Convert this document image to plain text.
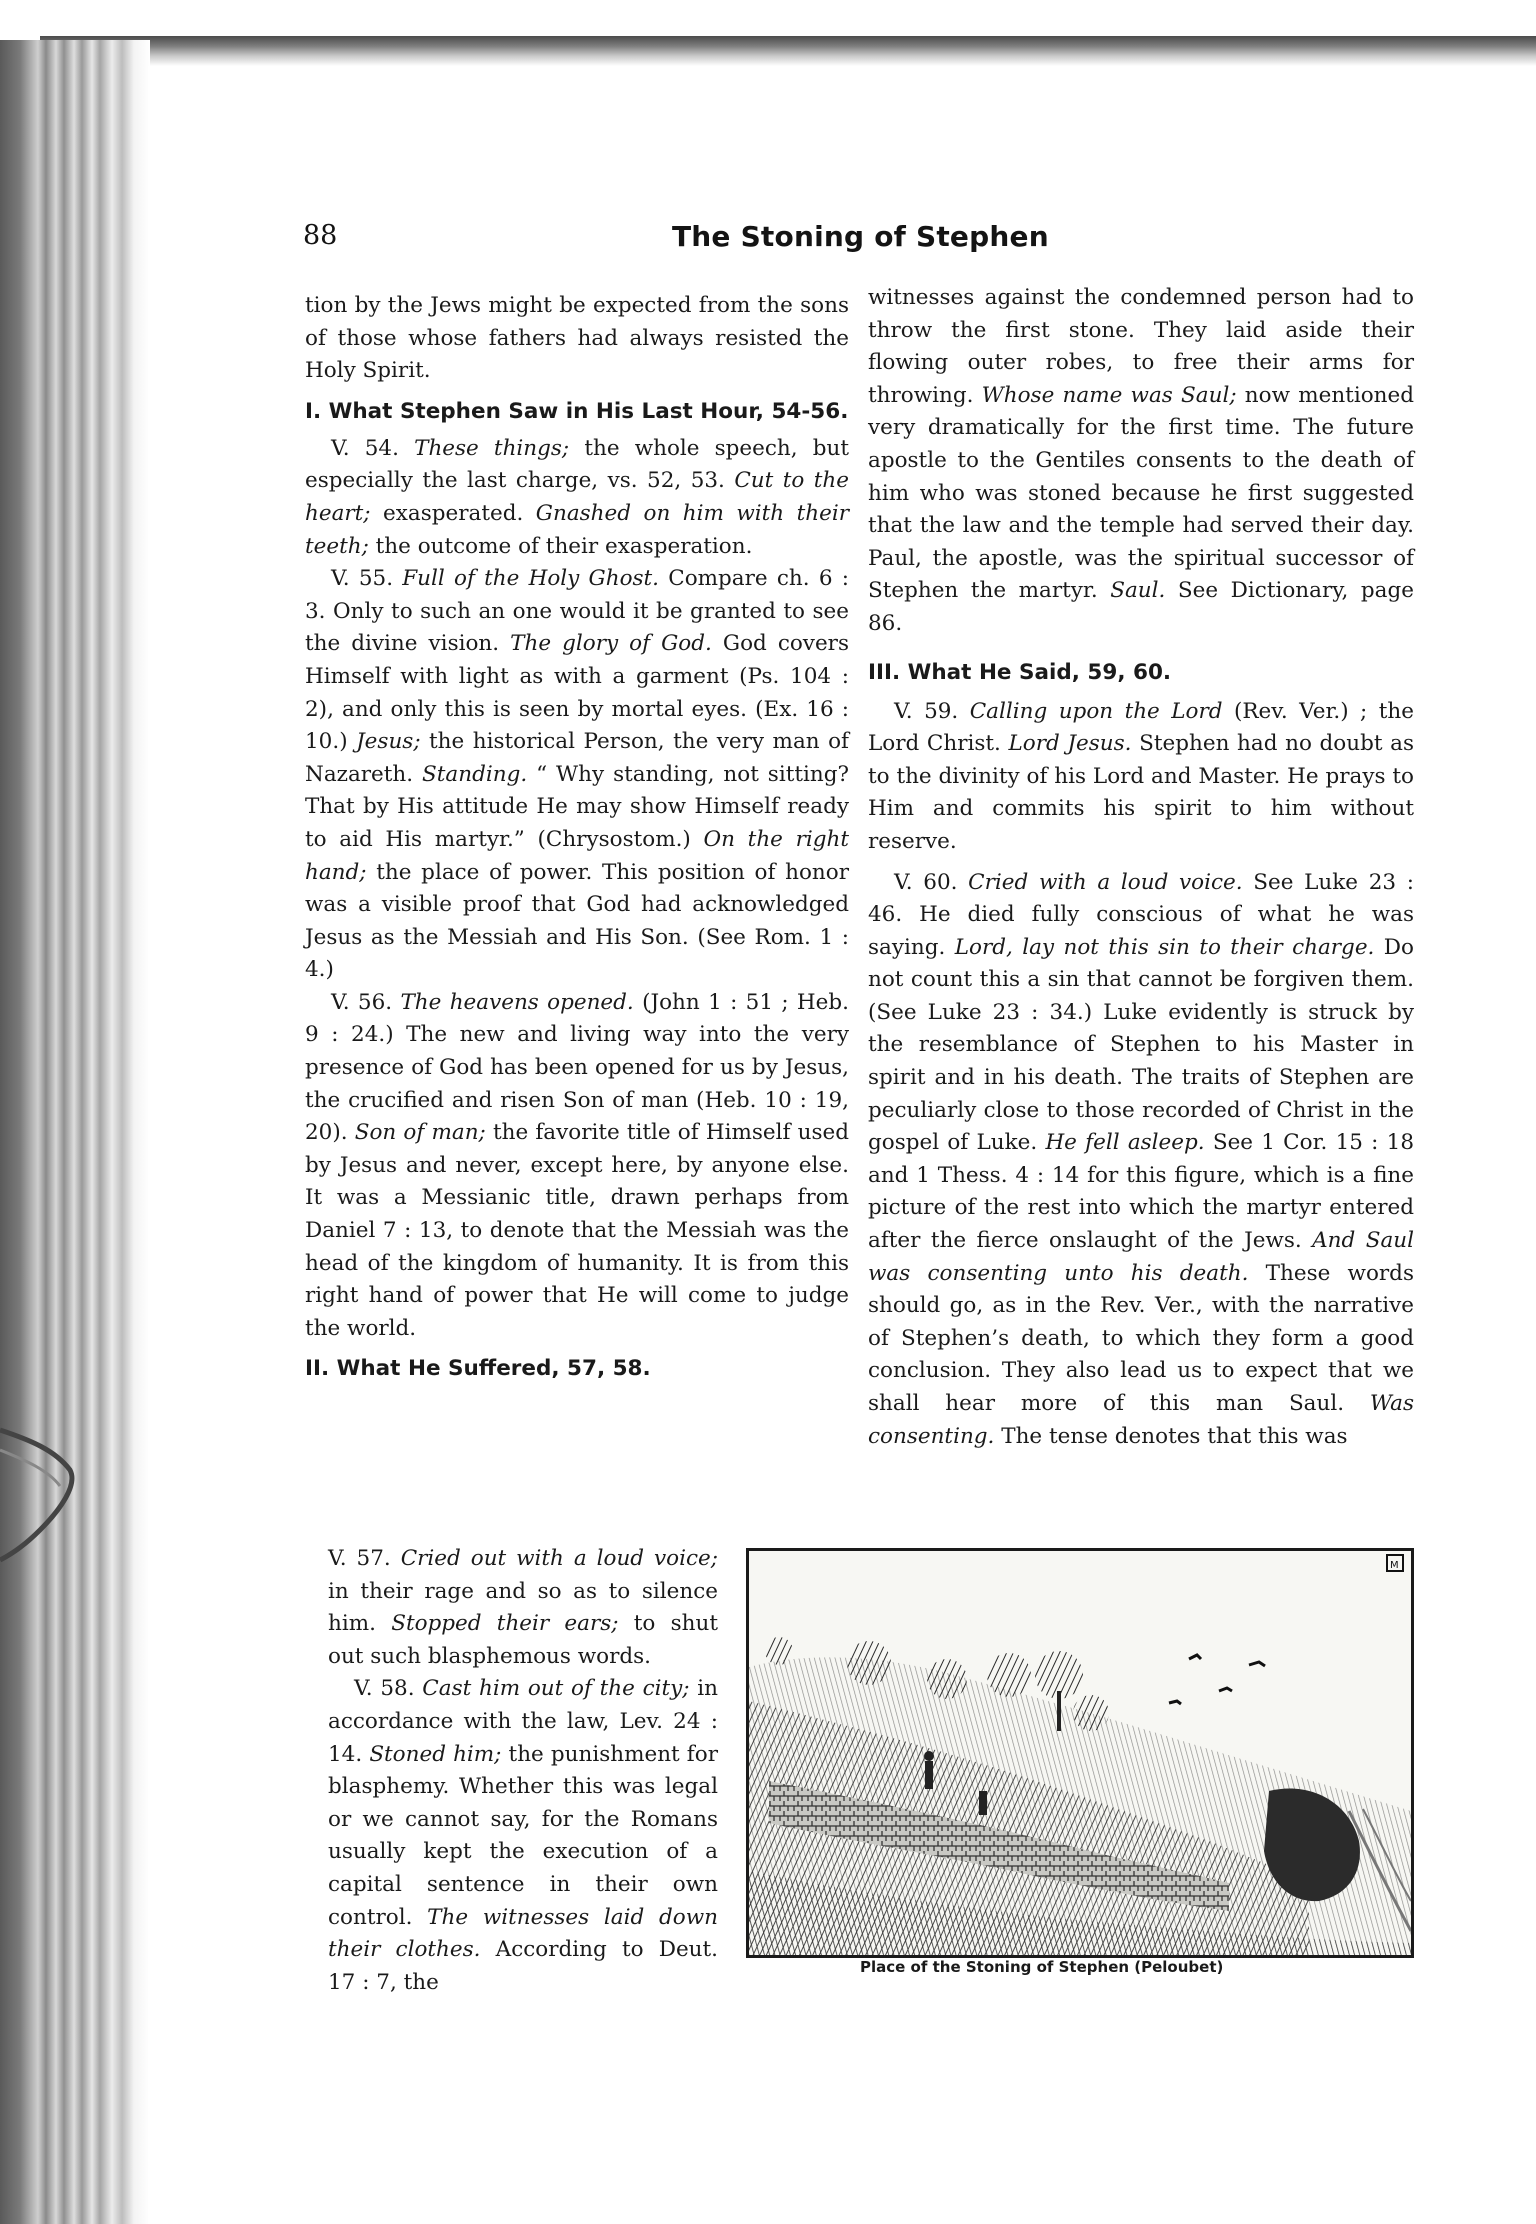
88	The Stoning of Stephen

tion by the Jews might be expected from the sons of those whose fathers had always resisted the Holy Spirit.

I. What Stephen Saw in His Last Hour, 54-56.

V. 54. These things; the whole speech, but especially the last charge, vs. 52, 53. Cut to the heart; exasperated. Gnashed on him with their teeth; the outcome of their exasperation.

V. 55. Full of the Holy Ghost. Compare ch. 6 : 3. Only to such an one would it be granted to see the divine vision. The glory of God. God covers Himself with light as with a garment (Ps. 104 : 2), and only this is seen by mortal eyes. (Ex. 16 : 10.) Jesus; the historical Person, the very man of Nazareth. Standing. “ Why standing, not sitting? That by His attitude He may show Himself ready to aid His martyr.” (Chrysostom.) On the right hand; the place of power. This position of honor was a visible proof that God had acknowledged Jesus as the Messiah and His Son. (See Rom. 1 : 4.)

V. 56. The heavens opened. (John 1 : 51 ; Heb. 9 : 24.) The new and living way into the very presence of God has been opened for us by Jesus, the crucified and risen Son of man (Heb. 10 : 19, 20). Son of man; the favorite title of Himself used by Jesus and never, except here, by anyone else. It was a Messianic title, drawn perhaps from Daniel 7 : 13, to denote that the Messiah was the head of the kingdom of humanity. It is from this right hand of power that He will come to judge the world.

II. What He Suffered, 57, 58.

V. 57. Cried out with a loud voice; in their rage and so as to silence him. Stopped their ears; to shut out such blasphemous words.

V. 58. Cast him out of the city; in accordance with the law, Lev. 24 : 14. Stoned him; the punishment for blasphemy. Whether this was legal or we cannot say, for the Romans usually kept the execution of a capital sentence in their own control. The witnesses laid down their clothes. According to Deut. 17 : 7, the

witnesses against the condemned person had to throw the first stone. They laid aside their flowing outer robes, to free their arms for throwing. Whose name was Saul; now mentioned very dramatically for the first time. The future apostle to the Gentiles consents to the death of him who was stoned because he first suggested that the law and the temple had served their day. Paul, the apostle, was the spiritual successor of Stephen the martyr. Saul. See Dictionary, page 86.

III. What He Said, 59, 60.

V. 59. Calling upon the Lord (Rev. Ver.) ; the Lord Christ. Lord Jesus. Stephen had no doubt as to the divinity of his Lord and Master. He prays to Him and commits his spirit to him without reserve.

V. 60. Cried with a loud voice. See Luke 23 : 46. He died fully conscious of what he was saying. Lord, lay not this sin to their charge. Do not count this a sin that cannot be forgiven them. (See Luke 23 : 34.) Luke evidently is struck by the resemblance of Stephen to his Master in spirit and in his death. The traits of Stephen are peculiarly close to those recorded of Christ in the gospel of Luke. He fell asleep. See 1 Cor. 15 : 18 and 1 Thess. 4 : 14 for this figure, which is a fine picture of the rest into which the martyr entered after the fierce onslaught of the Jews. And Saul was consenting unto his death. These words should go, as in the Rev. Ver., with the narrative of Stephen’s death, to which they form a good conclusion. They also lead us to expect that we shall hear more of this man Saul. Was consenting. The tense denotes that this was

M
Place of the Stoning of Stephen (Peloubet)
